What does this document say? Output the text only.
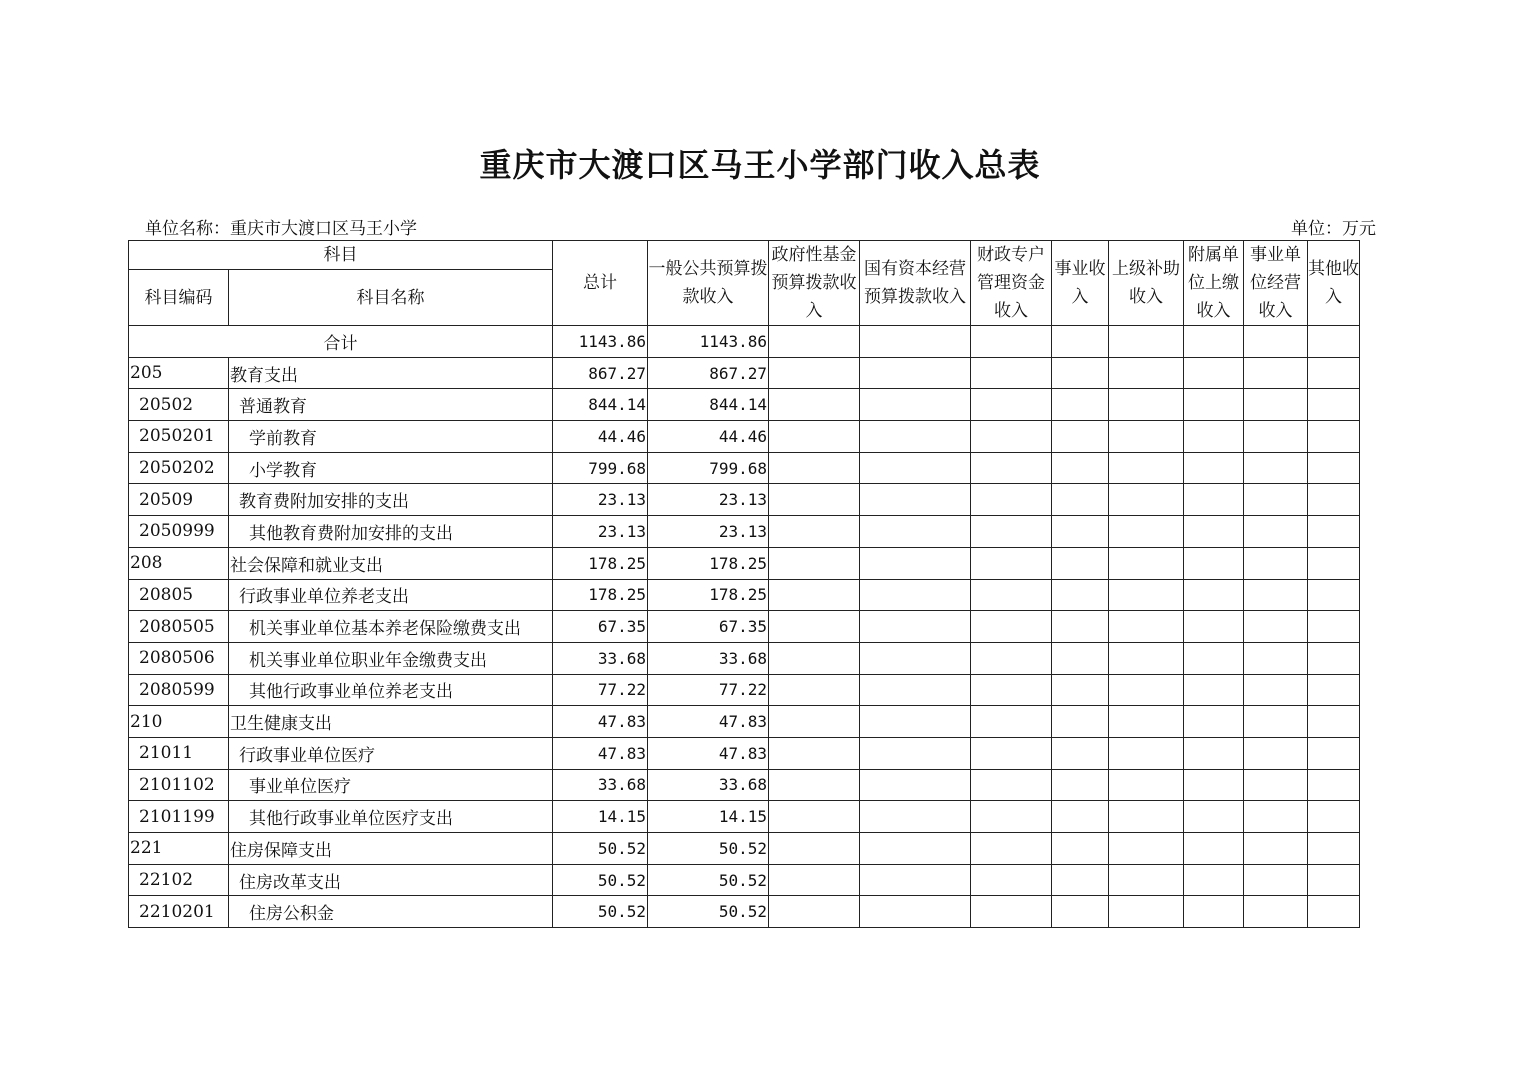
重庆市大渡口区马王小学部门收入总表
单位名称：重庆市大渡口区马王小学	单位：万元
科目		总计	一般公共预算拨款收入	政府性基金预算拨款收入	国有资本经营预算拨款收入	财政专户管理资金收入	事业收入	上级补助收入	附属单位上缴收入	事业单位经营收入	其他收入
科目编码	科目名称										
合计		1143.86	1143.86								
205	教育支出	867.27	867.27								
20502	普通教育	844.14	844.14								
2050201	学前教育	44.46	44.46								
2050202	小学教育	799.68	799.68								
20509	教育费附加安排的支出	23.13	23.13								
2050999	其他教育费附加安排的支出	23.13	23.13								
208	社会保障和就业支出	178.25	178.25								
20805	行政事业单位养老支出	178.25	178.25								
2080505	机关事业单位基本养老保险缴费支出	67.35	67.35								
2080506	机关事业单位职业年金缴费支出	33.68	33.68								
2080599	其他行政事业单位养老支出	77.22	77.22								
210	卫生健康支出	47.83	47.83								
21011	行政事业单位医疗	47.83	47.83								
2101102	事业单位医疗	33.68	33.68								
2101199	其他行政事业单位医疗支出	14.15	14.15								
221	住房保障支出	50.52	50.52								
22102	住房改革支出	50.52	50.52								
2210201	住房公积金	50.52	50.52								
